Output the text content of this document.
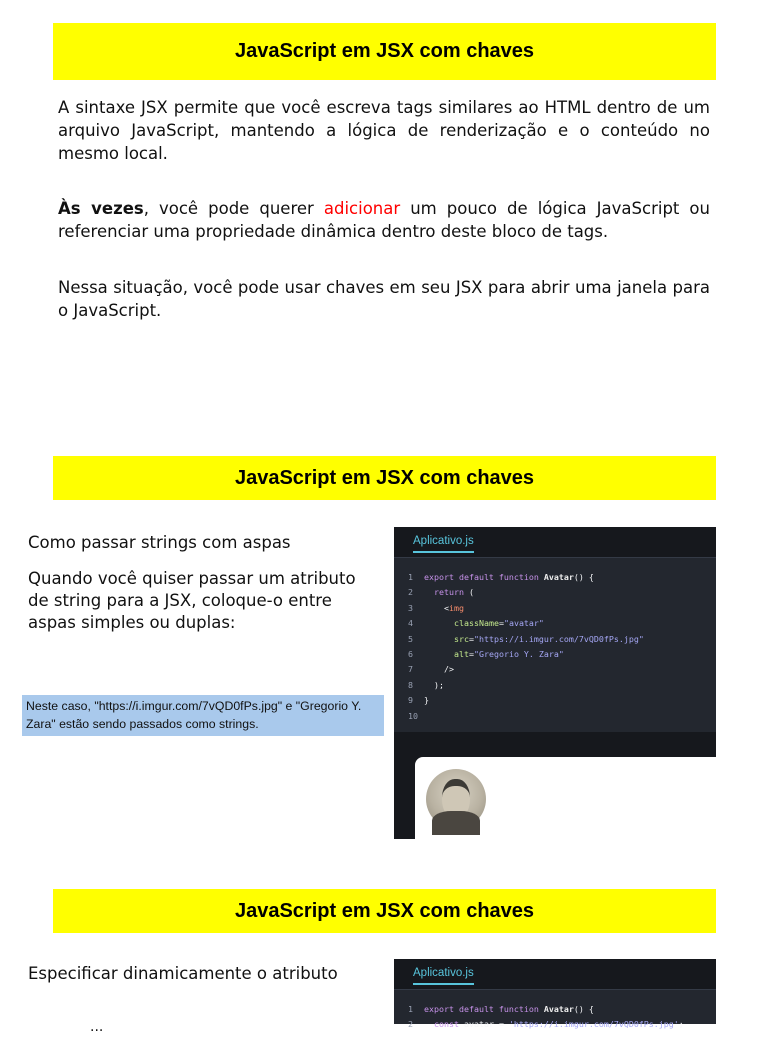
JavaScript em JSX com chaves

A sintaxe JSX permite que você escreva tags similares ao HTML dentro de um arquivo JavaScript, mantendo a lógica de renderização e o conteúdo no mesmo local.

Às vezes, você pode querer adicionar um pouco de lógica JavaScript ou referenciar uma propriedade dinâmica dentro deste bloco de tags.

Nessa situação, você pode usar chaves em seu JSX para abrir uma janela para o JavaScript.

JavaScript em JSX com chaves

Como passar strings com aspas

Quando você quiser passar um atributo de string para a JSX, coloque-o entre aspas simples ou duplas:

Neste caso, "https://i.imgur.com/7vQD0fPs.jpg" e "Gregorio Y. Zara" estão sendo passados como strings.
Aplicativo.js
1 export default function Avatar() {
2	return (
3	<img
4	className="avatar"
5	src="https://i.imgur.com/7vQD0fPs.jpg"
6	alt="Gregorio Y. Zara"
7	/>
8	);
9 }
10
JavaScript em JSX com chaves

Especificar dinamicamente o atributo

...

Aplicativo.js
1 export default function Avatar() {
2	const avatar = 'https://i.imgur.com/7vQD0fPs.jpg';
